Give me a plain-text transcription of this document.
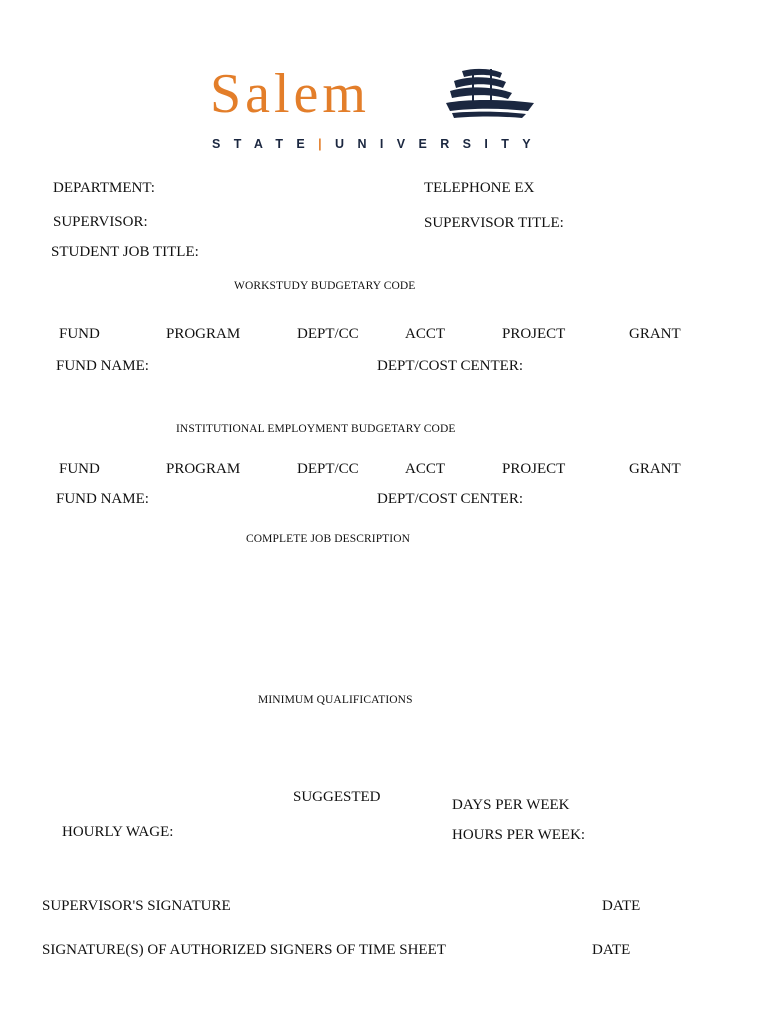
Salem
STATE|UNIVERSITY
DEPARTMENT:	TELEPHONE EX
SUPERVISOR:	SUPERVISOR TITLE:
STUDENT JOB TITLE:
WORKSTUDY BUDGETARY CODE
FUND	PROGRAM	DEPT/CC	ACCT	PROJECT	GRANT
FUND NAME:	DEPT/COST CENTER:
INSTITUTIONAL EMPLOYMENT BUDGETARY CODE
FUND	PROGRAM	DEPT/CC	ACCT	PROJECT	GRANT
FUND NAME:	DEPT/COST CENTER:
COMPLETE JOB DESCRIPTION
MINIMUM QUALIFICATIONS
SUGGESTED	DAYS PER WEEK
HOURLY WAGE:	HOURS PER WEEK:
SUPERVISOR'S SIGNATURE	DATE
SIGNATURE(S) OF AUTHORIZED SIGNERS OF TIME SHEET	DATE
